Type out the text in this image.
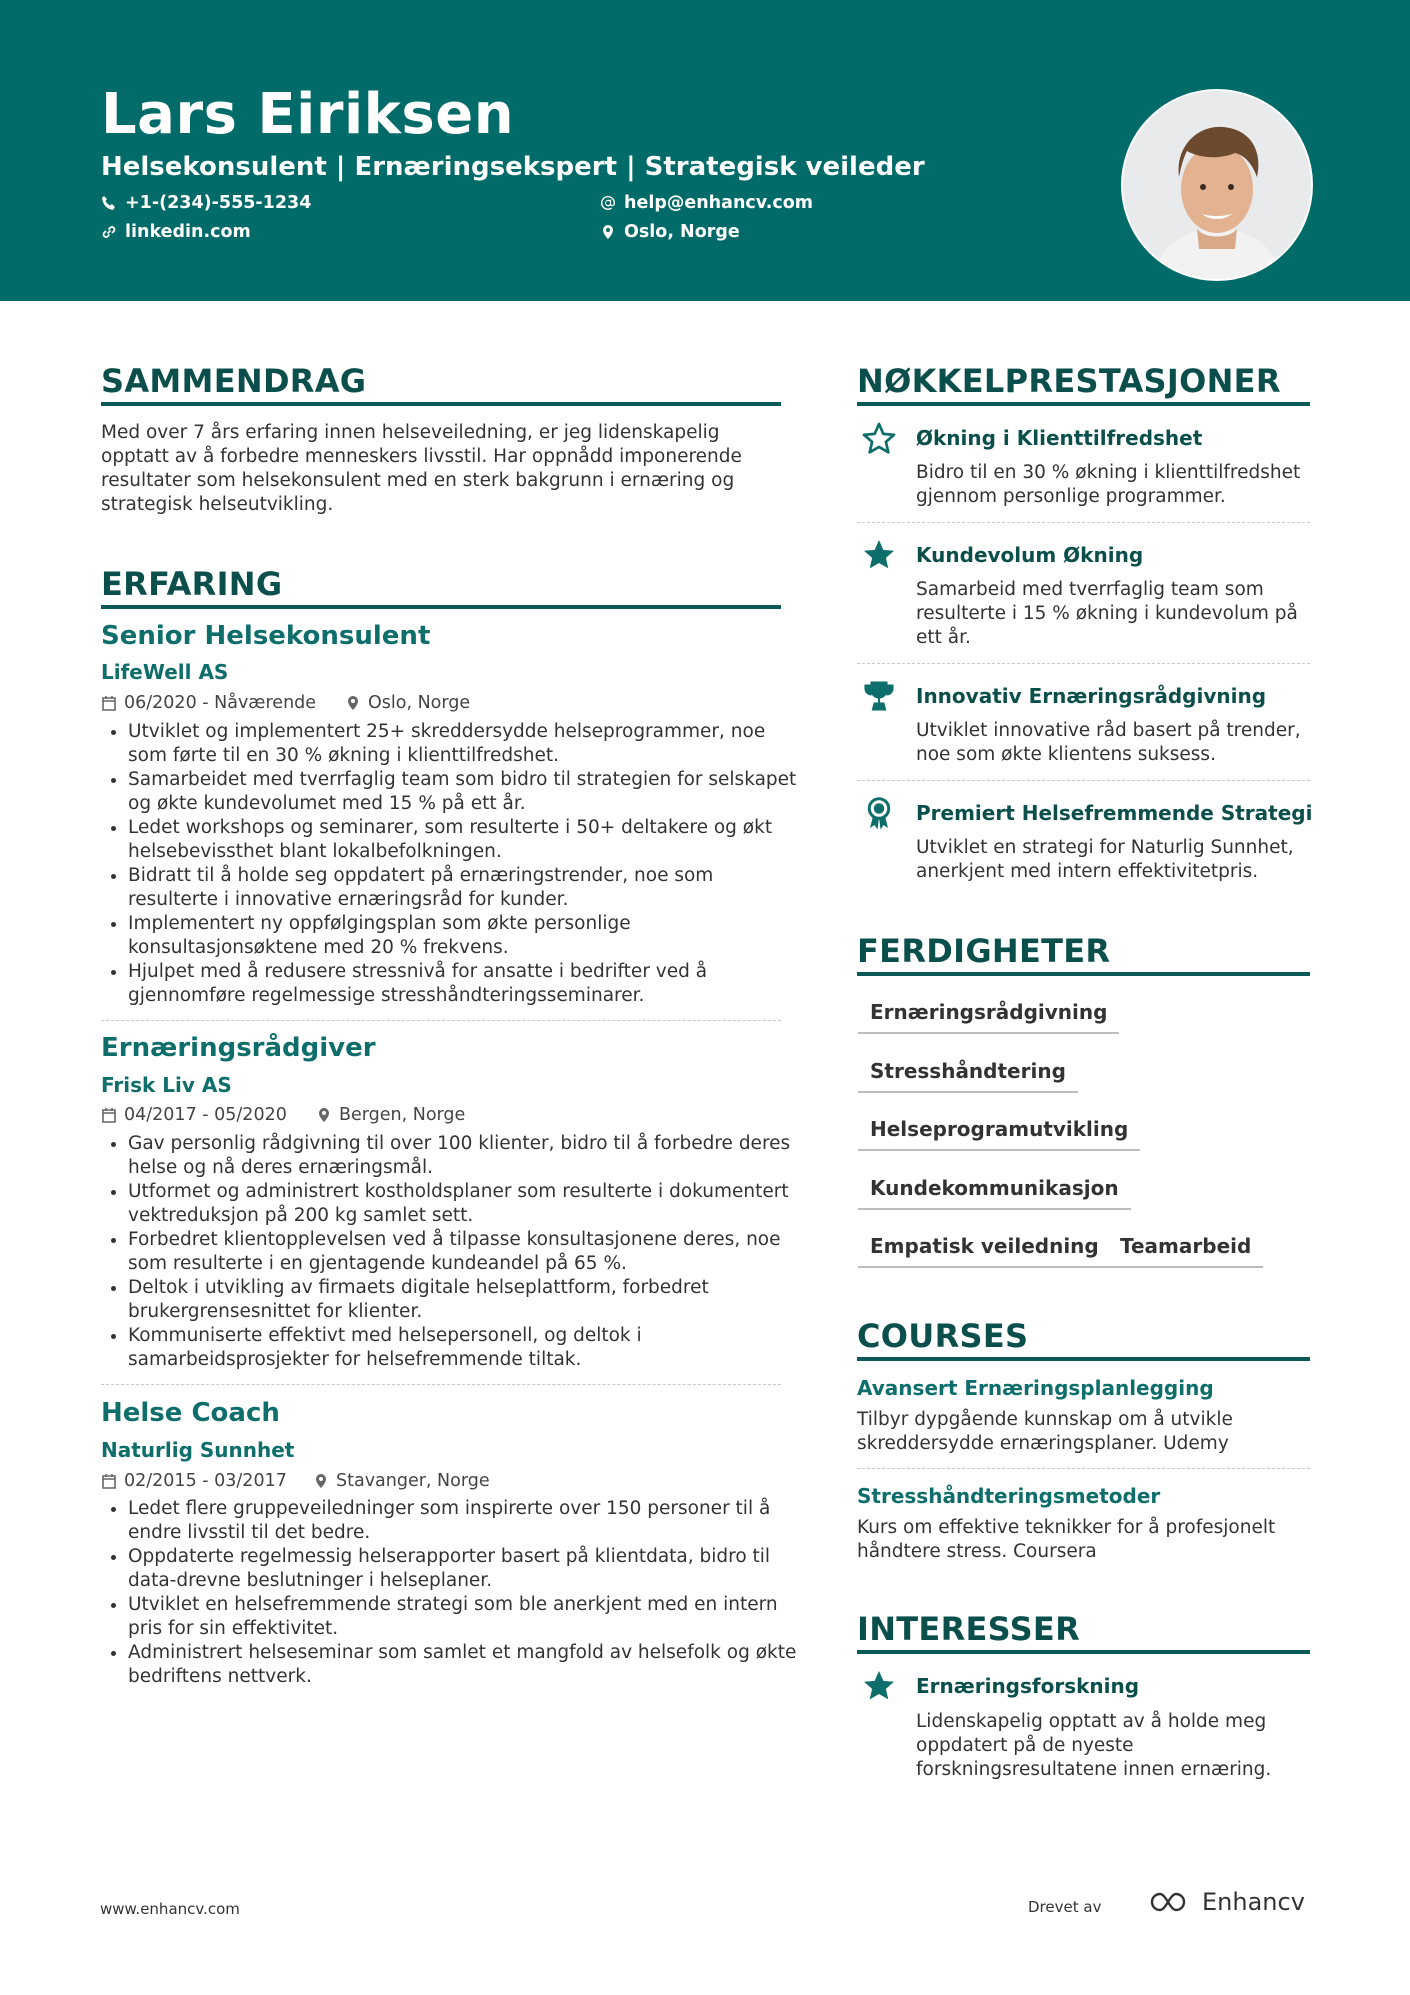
Lars Eiriksen
Helsekonsulent | Ernæringsekspert | Strategisk veileder
+1-(234)-555-1234	help@enhancv.com
linkedin.com	Oslo, Norge
SAMMENDRAG
Med over 7 års erfaring innen helseveiledning, er jeg lidenskapelig opptatt av å forbedre menneskers livsstil. Har oppnådd imponerende resultater som helsekonsulent med en sterk bakgrunn i ernæring og strategisk helseutvikling.
ERFARING
Senior Helsekonsulent
LifeWell AS
06/2020 - Nåværende	Oslo, Norge
• Utviklet og implementert 25+ skreddersydde helseprogrammer, noe som førte til en 30 % økning i klienttilfredshet.
• Samarbeidet med tverrfaglig team som bidro til strategien for selskapet og økte kundevolumet med 15 % på ett år.
• Ledet workshops og seminarer, som resulterte i 50+ deltakere og økt helsebevissthet blant lokalbefolkningen.
• Bidratt til å holde seg oppdatert på ernæringstrender, noe som resulterte i innovative ernæringsråd for kunder.
• Implementert ny oppfølgingsplan som økte personlige konsultasjonsøktene med 20 % frekvens.
• Hjulpet med å redusere stressnivå for ansatte i bedrifter ved å gjennomføre regelmessige stresshåndteringsseminarer.
Ernæringsrådgiver
Frisk Liv AS
04/2017 - 05/2020	Bergen, Norge
• Gav personlig rådgivning til over 100 klienter, bidro til å forbedre deres helse og nå deres ernæringsmål.
• Utformet og administrert kostholdsplaner som resulterte i dokumentert vektreduksjon på 200 kg samlet sett.
• Forbedret klientopplevelsen ved å tilpasse konsultasjonene deres, noe som resulterte i en gjentagende kundeandel på 65 %.
• Deltok i utvikling av firmaets digitale helseplattform, forbedret brukergrensesnittet for klienter.
• Kommuniserte effektivt med helsepersonell, og deltok i samarbeidsprosjekter for helsefremmende tiltak.
Helse Coach
Naturlig Sunnhet
02/2015 - 03/2017	Stavanger, Norge
• Ledet flere gruppeveiledninger som inspirerte over 150 personer til å endre livsstil til det bedre.
• Oppdaterte regelmessig helserapporter basert på klientdata, bidro til data-drevne beslutninger i helseplaner.
• Utviklet en helsefremmende strategi som ble anerkjent med en intern pris for sin effektivitet.
• Administrert helseseminar som samlet et mangfold av helsefolk og økte bedriftens nettverk.
NØKKELPRESTASJONER
Økning i Klienttilfredshet
Bidro til en 30 % økning i klienttilfredshet gjennom personlige programmer.
Kundevolum Økning
Samarbeid med tverrfaglig team som resulterte i 15 % økning i kundevolum på ett år.
Innovativ Ernæringsrådgivning
Utviklet innovative råd basert på trender, noe som økte klientens suksess.
Premiert Helsefremmende Strategi
Utviklet en strategi for Naturlig Sunnhet, anerkjent med intern effektivitetpris.
FERDIGHETER
Ernæringsrådgivning
Stresshåndtering
Helseprogramutvikling
Kundekommunikasjon
Empatisk veiledning	Teamarbeid
COURSES
Avansert Ernæringsplanlegging
Tilbyr dypgående kunnskap om å utvikle skreddersydde ernæringsplaner. Udemy
Stresshåndteringsmetoder
Kurs om effektive teknikker for å profesjonelt håndtere stress. Coursera
INTERESSER
Ernæringsforskning
Lidenskapelig opptatt av å holde meg oppdatert på de nyeste forskningsresultatene innen ernæring.
www.enhancv.com	Drevet av	Enhancv
